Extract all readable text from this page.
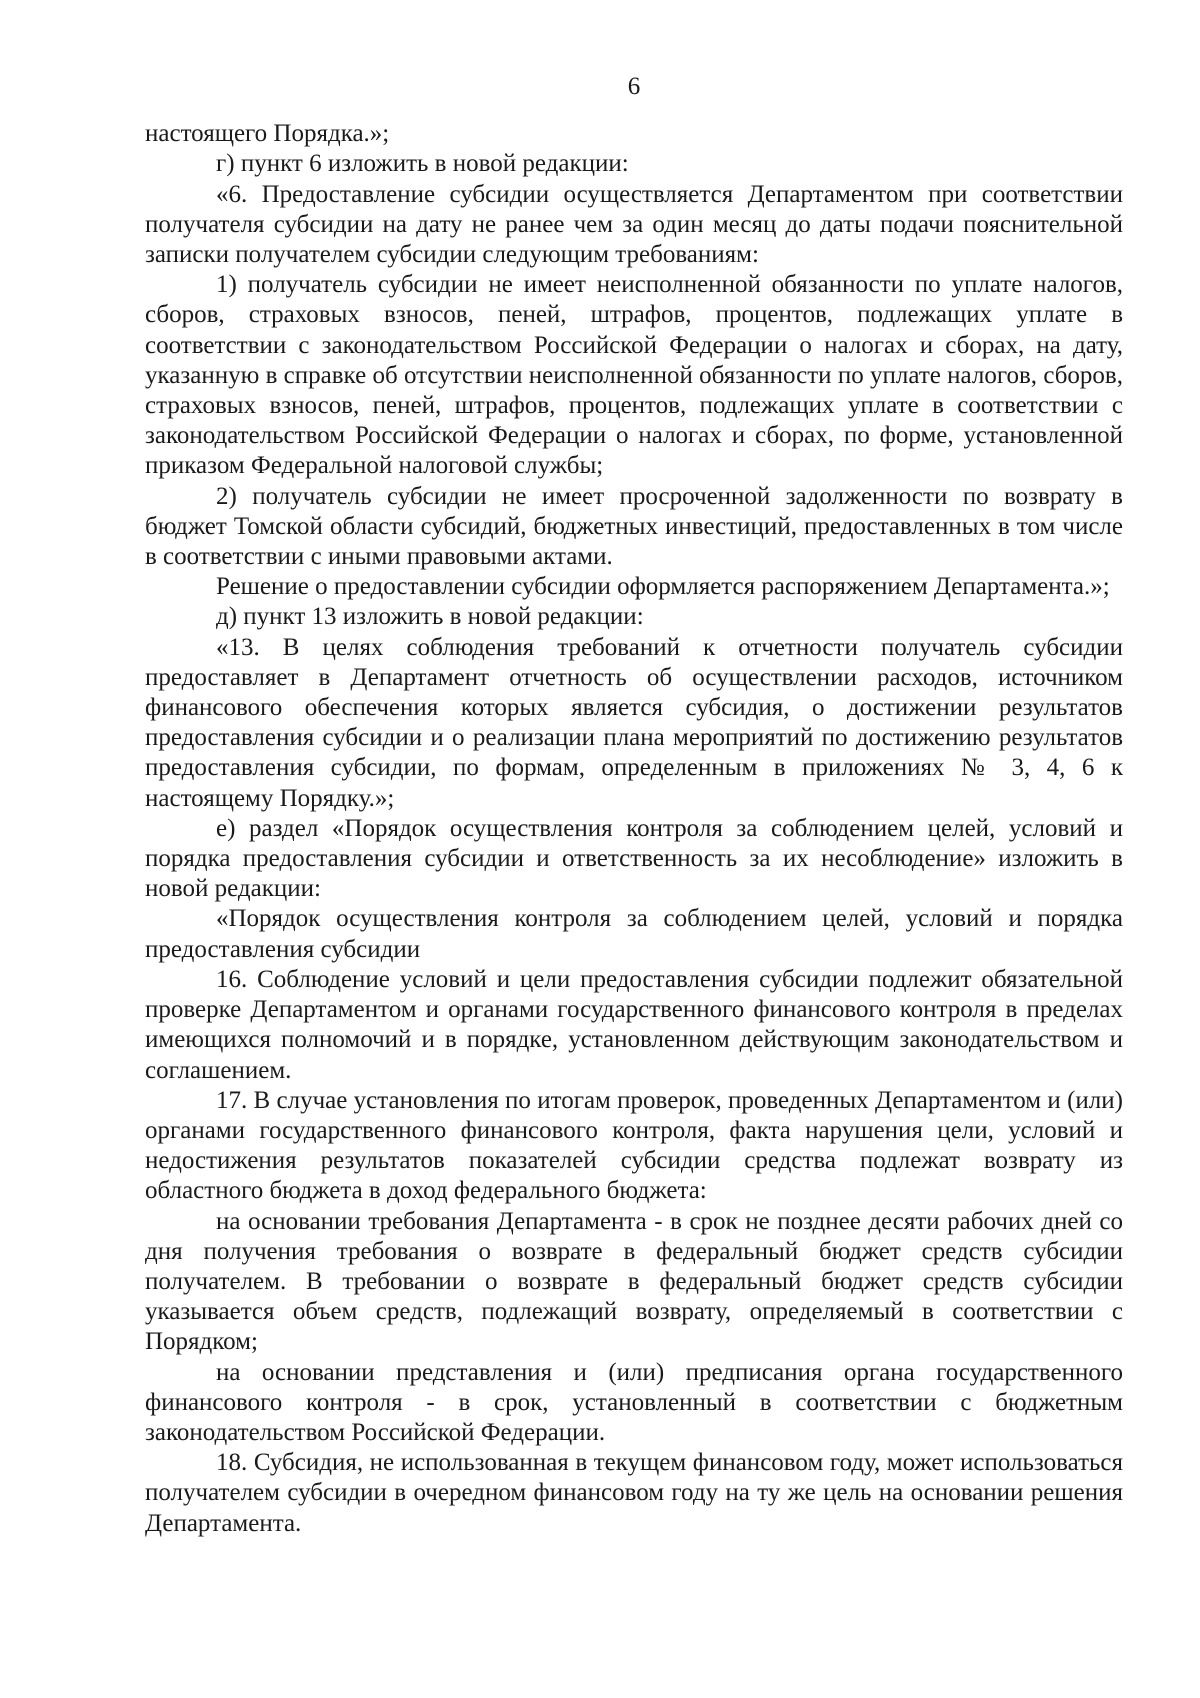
6

настоящего Порядка.»;

г) пункт 6 изложить в новой редакции:

«6. Предоставление субсидии осуществляется Департаментом при соответствии получателя субсидии на дату не ранее чем за один месяц до даты подачи пояснительной записки получателем субсидии следующим требованиям:

1) получатель субсидии не имеет неисполненной обязанности по уплате налогов, сборов, страховых взносов, пеней, штрафов, процентов, подлежащих уплате в соответствии с законодательством Российской Федерации о налогах и сборах, на дату, указанную в справке об отсутствии неисполненной обязанности по уплате налогов, сборов, страховых взносов, пеней, штрафов, процентов, подлежащих уплате в соответствии с законодательством Российской Федерации о налогах и сборах, по форме, установленной приказом Федеральной налоговой службы;

2) получатель субсидии не имеет просроченной задолженности по возврату в бюджет Томской области субсидий, бюджетных инвестиций, предоставленных в том числе в соответствии с иными правовыми актами.

Решение о предоставлении субсидии оформляется распоряжением Департамента.»;

д) пункт 13 изложить в новой редакции:

«13. В целях соблюдения требований к отчетности получатель субсидии предоставляет в Департамент отчетность об осуществлении расходов, источником финансового обеспечения которых является субсидия, о достижении результатов предоставления субсидии и о реализации плана мероприятий по достижению результатов предоставления субсидии, по формам, определенным в приложениях № 3, 4, 6 к настоящему Порядку.»;

е) раздел «Порядок осуществления контроля за соблюдением целей, условий и порядка предоставления субсидии и ответственность за их несоблюдение» изложить в новой редакции:

«Порядок осуществления контроля за соблюдением целей, условий и порядка предоставления субсидии

16. Соблюдение условий и цели предоставления субсидии подлежит обязательной проверке Департаментом и органами государственного финансового контроля в пределах имеющихся полномочий и в порядке, установленном действующим законодательством и соглашением.

17. В случае установления по итогам проверок, проведенных Департаментом и (или) органами государственного финансового контроля, факта нарушения цели, условий и недостижения результатов показателей субсидии средства подлежат возврату из областного бюджета в доход федерального бюджета:

на основании требования Департамента - в срок не позднее десяти рабочих дней со дня получения требования о возврате в федеральный бюджет средств субсидии получателем. В требовании о возврате в федеральный бюджет средств субсидии указывается объем средств, подлежащий возврату, определяемый в соответствии с Порядком;

на основании представления и (или) предписания органа государственного финансового контроля - в срок, установленный в соответствии с бюджетным законодательством Российской Федерации.

18. Субсидия, не использованная в текущем финансовом году, может использоваться получателем субсидии в очередном финансовом году на ту же цель на основании решения Департамента.
